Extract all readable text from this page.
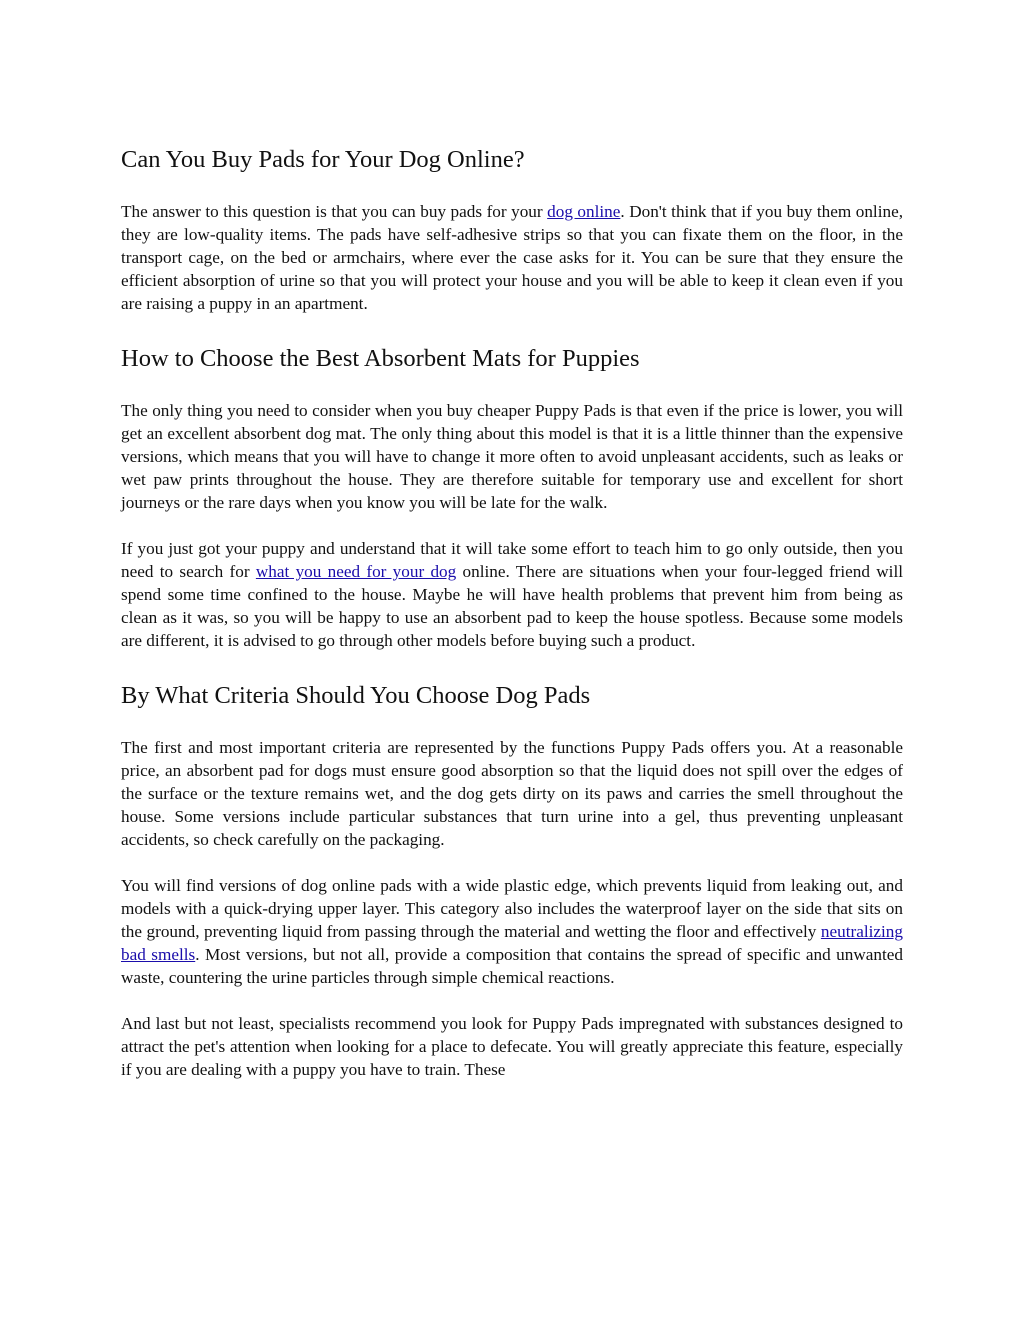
Can You Buy Pads for Your Dog Online?

The answer to this question is that you can buy pads for your dog online. Don't think that if you buy them online, they are low-quality items. The pads have self-adhesive strips so that you can fixate them on the floor, in the transport cage, on the bed or armchairs, where ever the case asks for it. You can be sure that they ensure the efficient absorption of urine so that you will protect your house and you will be able to keep it clean even if you are raising a puppy in an apartment.

How to Choose the Best Absorbent Mats for Puppies

The only thing you need to consider when you buy cheaper Puppy Pads is that even if the price is lower, you will get an excellent absorbent dog mat. The only thing about this model is that it is a little thinner than the expensive versions, which means that you will have to change it more often to avoid unpleasant accidents, such as leaks or wet paw prints throughout the house. They are therefore suitable for temporary use and excellent for short journeys or the rare days when you know you will be late for the walk.

If you just got your puppy and understand that it will take some effort to teach him to go only outside, then you need to search for what you need for your dog online. There are situations when your four-legged friend will spend some time confined to the house. Maybe he will have health problems that prevent him from being as clean as it was, so you will be happy to use an absorbent pad to keep the house spotless. Because some models are different, it is advised to go through other models before buying such a product.

By What Criteria Should You Choose Dog Pads

The first and most important criteria are represented by the functions Puppy Pads offers you. At a reasonable price, an absorbent pad for dogs must ensure good absorption so that the liquid does not spill over the edges of the surface or the texture remains wet, and the dog gets dirty on its paws and carries the smell throughout the house. Some versions include particular substances that turn urine into a gel, thus preventing unpleasant accidents, so check carefully on the packaging.

You will find versions of dog online pads with a wide plastic edge, which prevents liquid from leaking out, and models with a quick-drying upper layer. This category also includes the waterproof layer on the side that sits on the ground, preventing liquid from passing through the material and wetting the floor and effectively neutralizing bad smells. Most versions, but not all, provide a composition that contains the spread of specific and unwanted waste, countering the urine particles through simple chemical reactions.

And last but not least, specialists recommend you look for Puppy Pads impregnated with substances designed to attract the pet's attention when looking for a place to defecate. You will greatly appreciate this feature, especially if you are dealing with a puppy you have to train. These
